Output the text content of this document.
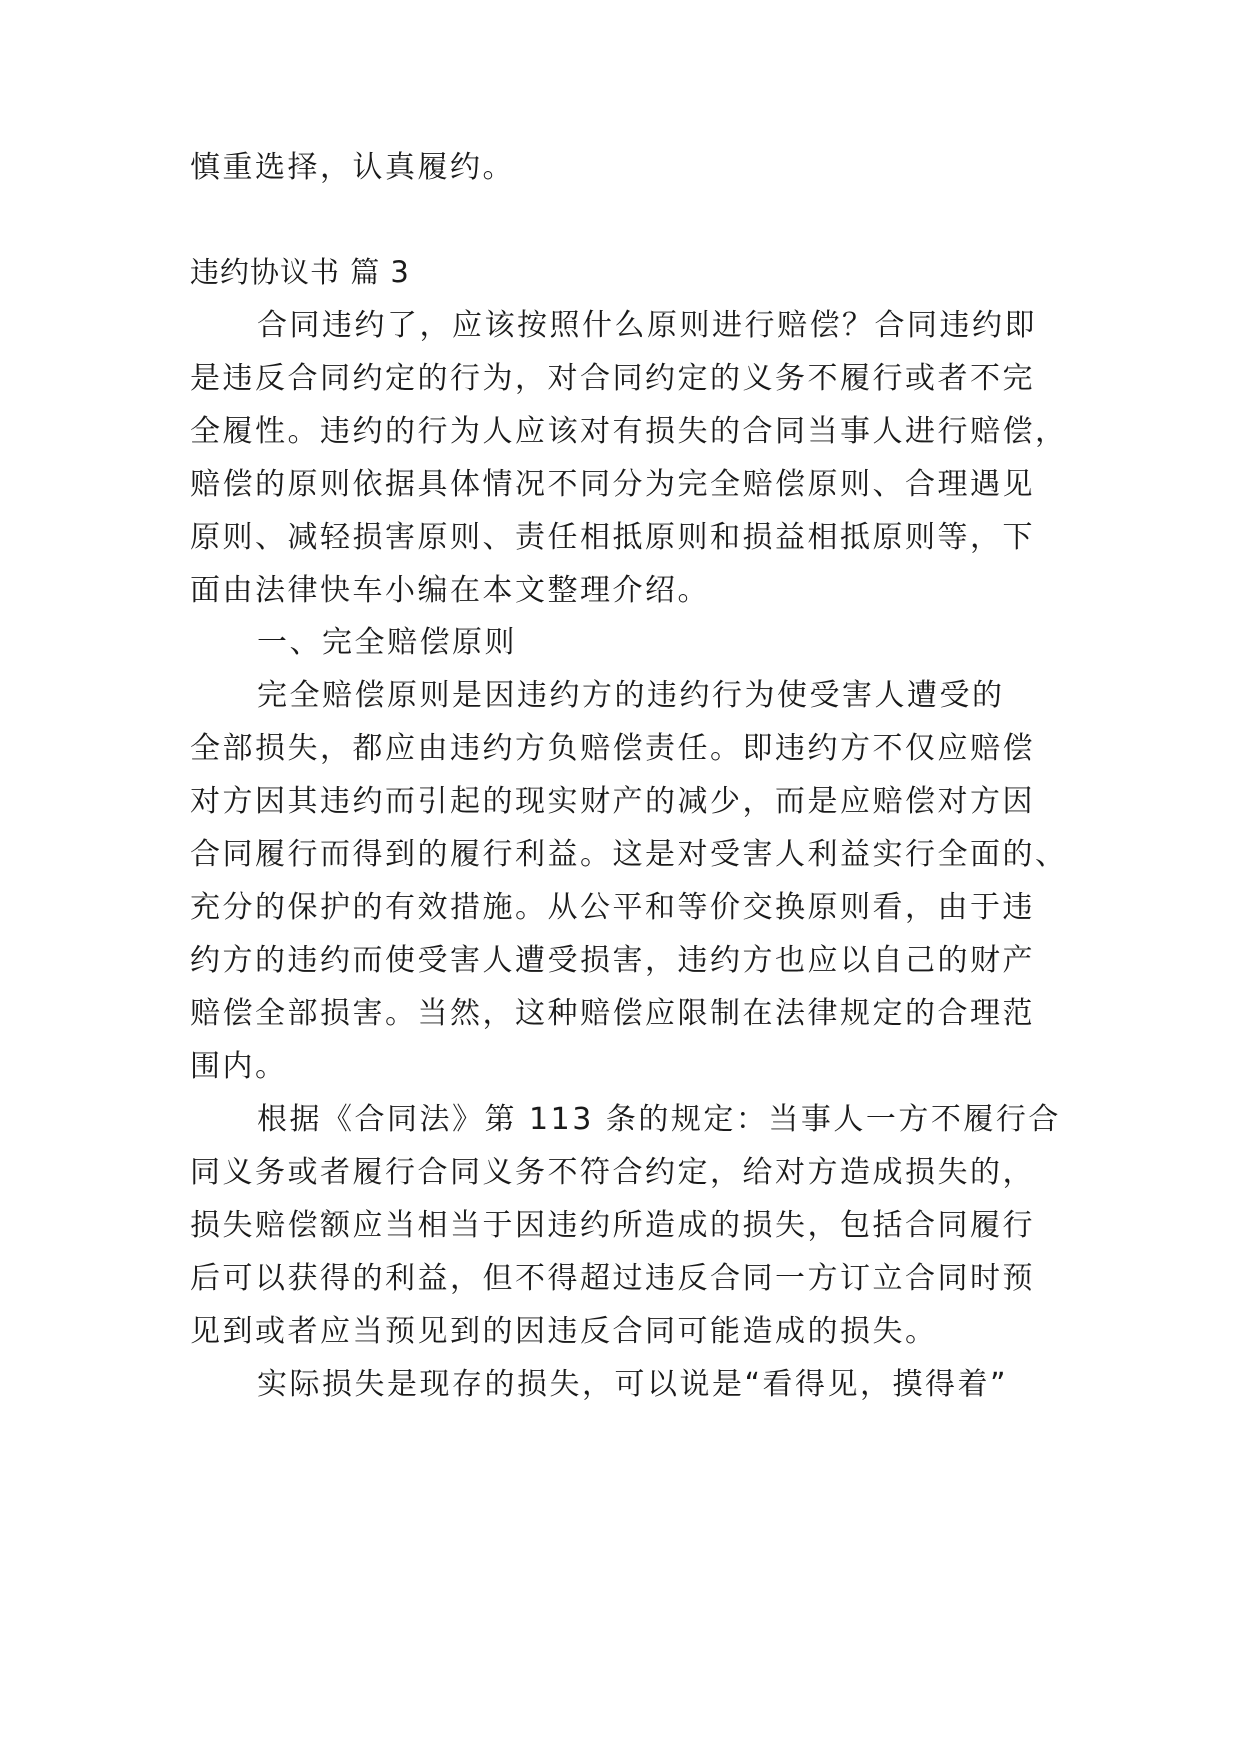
慎重选择，认真履约。
违约协议书 篇 3
合同违约了，应该按照什么原则进行赔偿？合同违约即
是违反合同约定的行为，对合同约定的义务不履行或者不完
全履性。违约的行为人应该对有损失的合同当事人进行赔偿，
赔偿的原则依据具体情况不同分为完全赔偿原则、合理遇见
原则、减轻损害原则、责任相抵原则和损益相抵原则等，下
面由法律快车小编在本文整理介绍。
一、完全赔偿原则
完全赔偿原则是因违约方的违约行为使受害人遭受的
全部损失，都应由违约方负赔偿责任。即违约方不仅应赔偿
对方因其违约而引起的现实财产的减少，而是应赔偿对方因
合同履行而得到的履行利益。这是对受害人利益实行全面的、
充分的保护的有效措施。从公平和等价交换原则看，由于违
约方的违约而使受害人遭受损害，违约方也应以自己的财产
赔偿全部损害。当然，这种赔偿应限制在法律规定的合理范
围内。
根据《合同法》第 113 条的规定：当事人一方不履行合
同义务或者履行合同义务不符合约定，给对方造成损失的，
损失赔偿额应当相当于因违约所造成的损失，包括合同履行
后可以获得的利益，但不得超过违反合同一方订立合同时预
见到或者应当预见到的因违反合同可能造成的损失。
实际损失是现存的损失，可以说是“看得见，摸得着”
